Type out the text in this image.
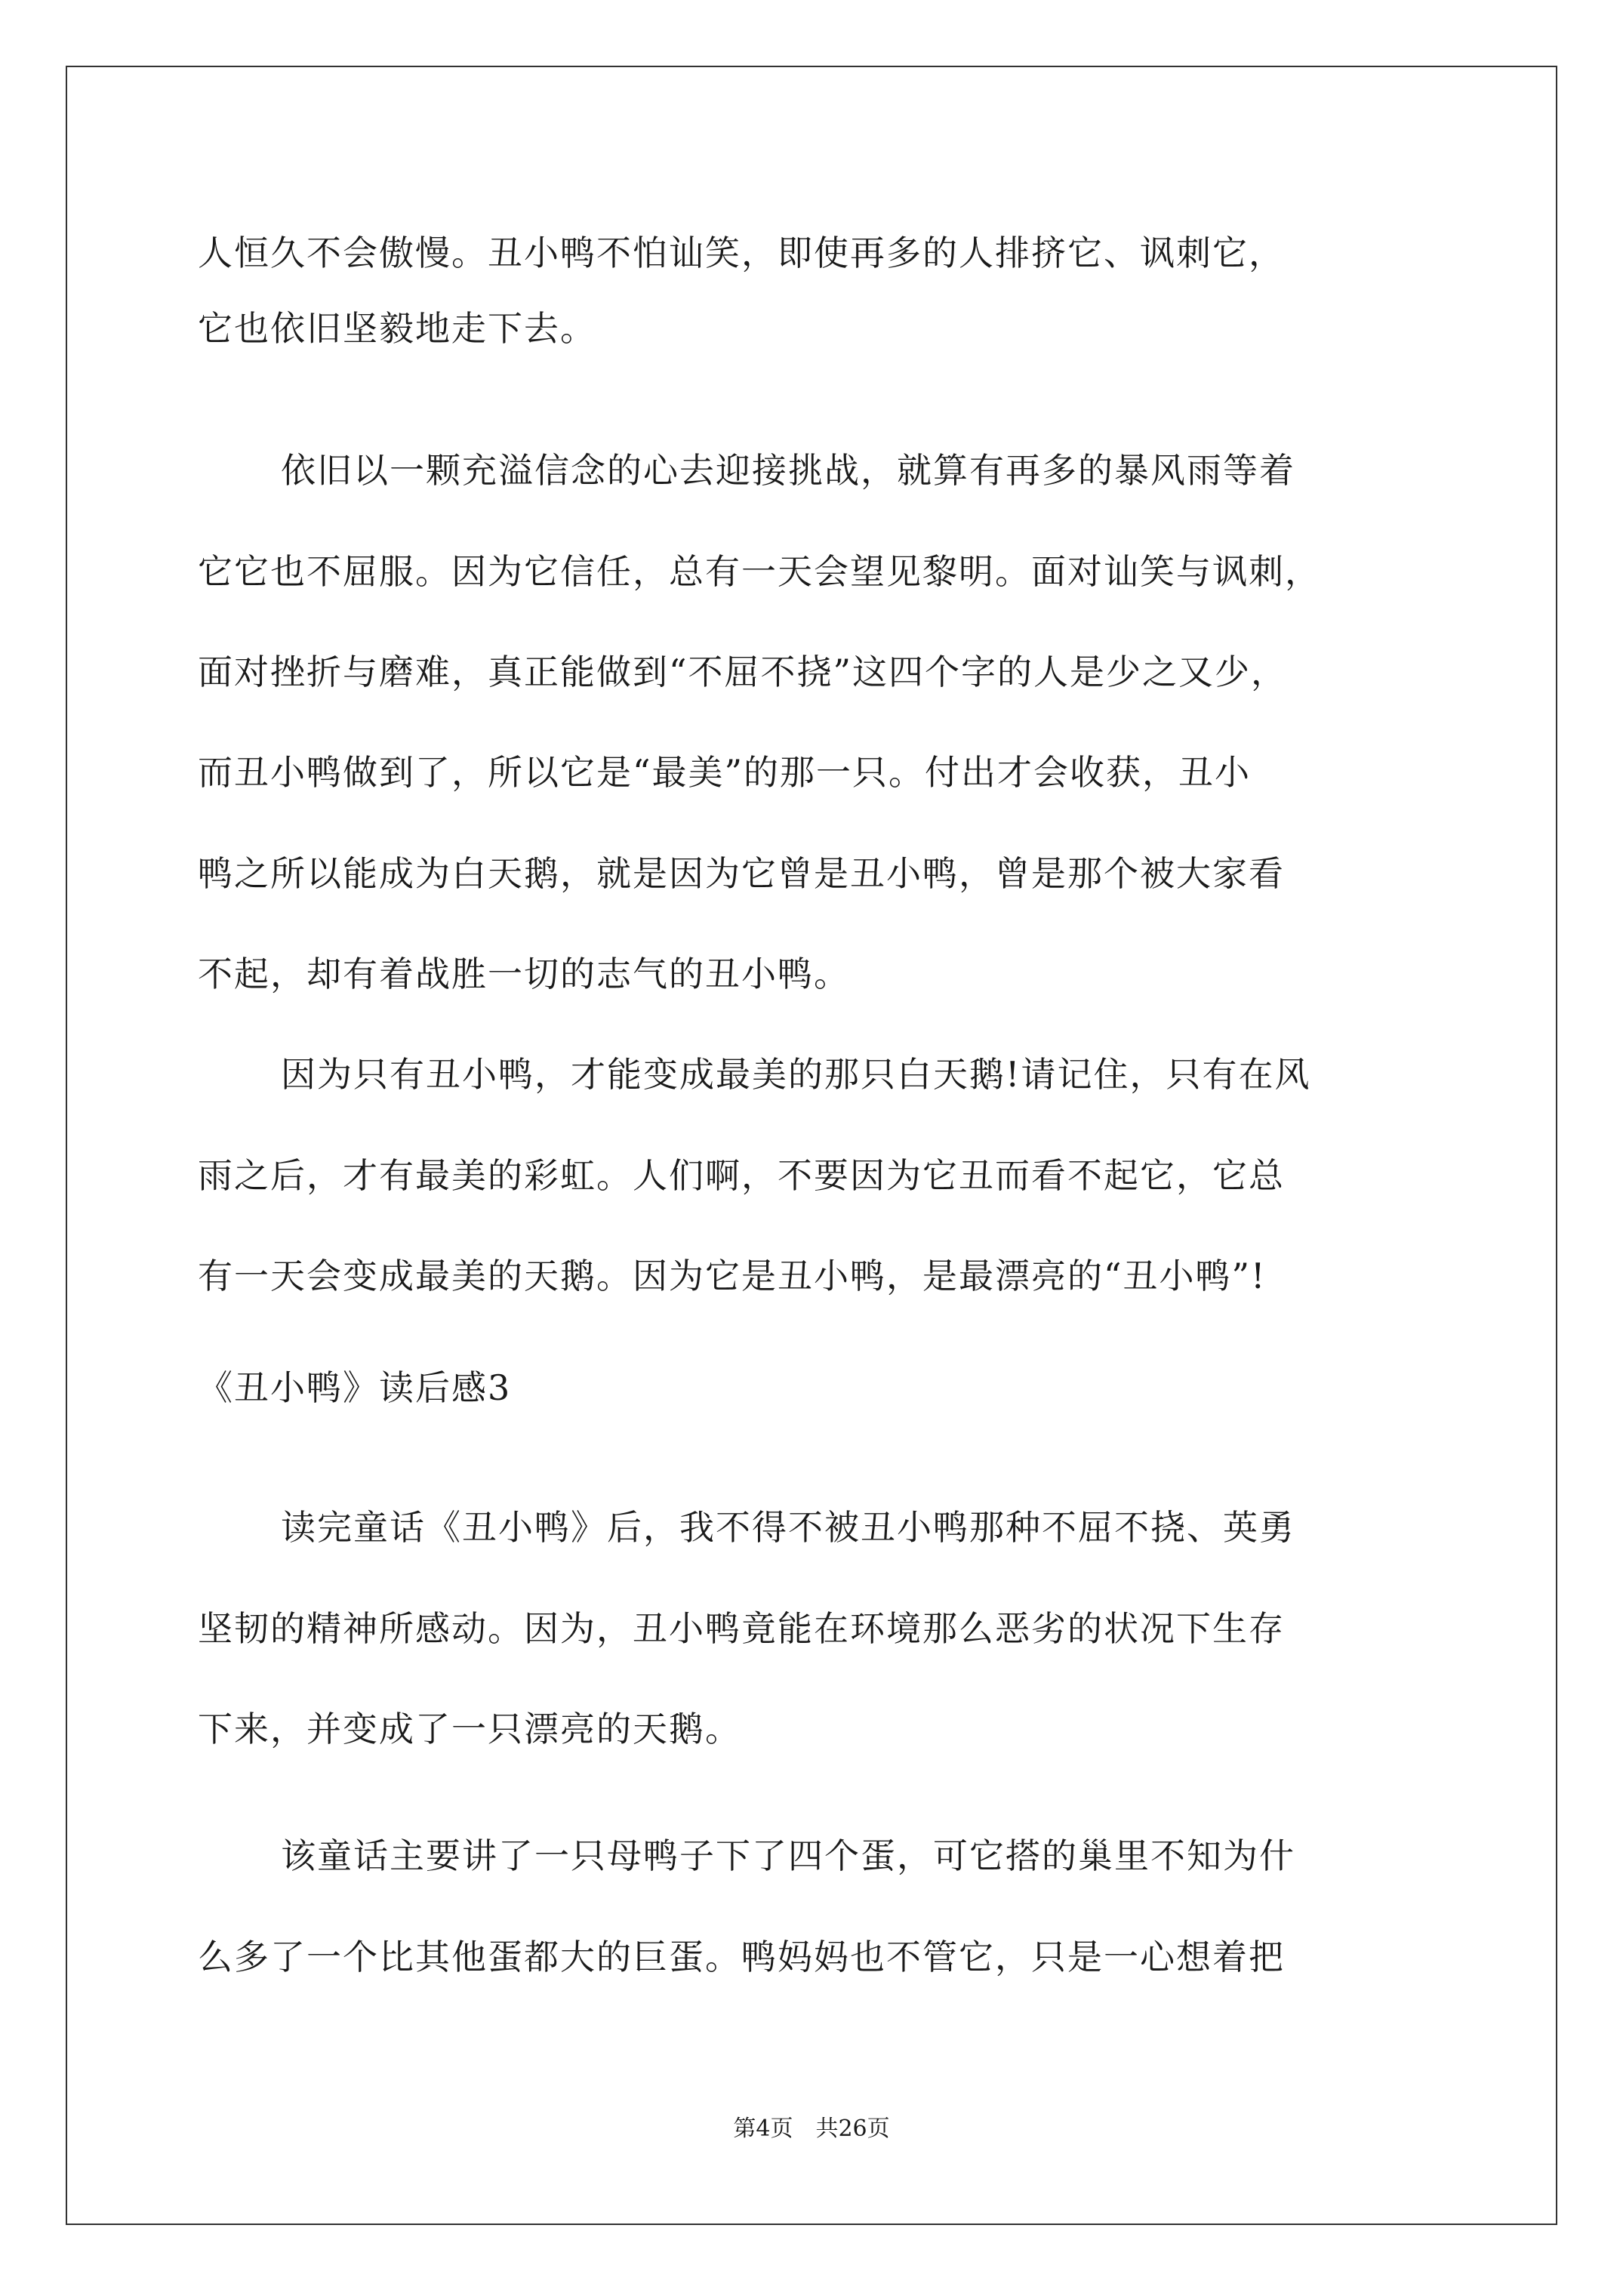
人恒久不会傲慢。丑小鸭不怕讪笑，即使再多的人排挤它、讽刺它，
它也依旧坚毅地走下去。
依旧以一颗充溢信念的心去迎接挑战，就算有再多的暴风雨等着
它它也不屈服。因为它信任，总有一天会望见黎明。面对讪笑与讽刺，
面对挫折与磨难，真正能做到“不屈不挠”这四个字的人是少之又少，
而丑小鸭做到了，所以它是“最美”的那一只。付出才会收获，丑小
鸭之所以能成为白天鹅，就是因为它曾是丑小鸭，曾是那个被大家看
不起，却有着战胜一切的志气的丑小鸭。
因为只有丑小鸭，才能变成最美的那只白天鹅!请记住，只有在风
雨之后，才有最美的彩虹。人们啊，不要因为它丑而看不起它，它总
有一天会变成最美的天鹅。因为它是丑小鸭，是最漂亮的“丑小鸭”!
《丑小鸭》读后感3
读完童话《丑小鸭》后，我不得不被丑小鸭那种不屈不挠、英勇
坚韧的精神所感动。因为，丑小鸭竟能在环境那么恶劣的状况下生存
下来，并变成了一只漂亮的天鹅。
该童话主要讲了一只母鸭子下了四个蛋，可它搭的巢里不知为什
么多了一个比其他蛋都大的巨蛋。鸭妈妈也不管它，只是一心想着把
第4页　共26页
